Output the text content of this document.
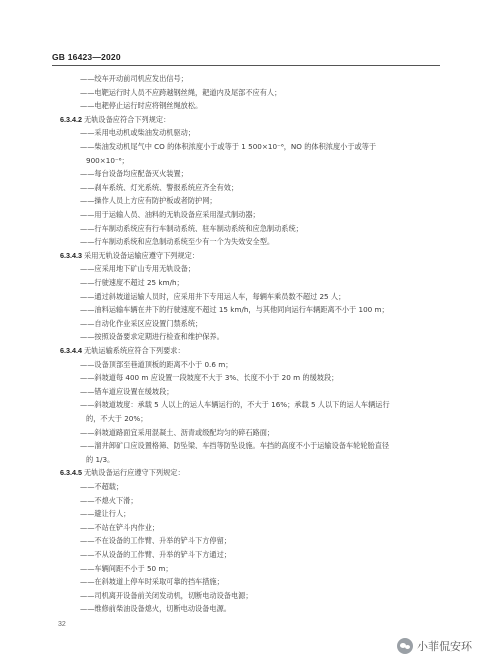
GB 16423—2020
——绞车开动前司机应发出信号；
——电靶运行时人员不应跨越钢丝绳，耙道内及尾部不应有人；
——电耙停止运行时应将钢丝绳放松。
6.3.4.2 无轨设备应符合下列规定：
——采用电动机或柴油发动机驱动；
——柴油发动机尾气中 CO 的体积浓度小于或等于 1 500×10⁻⁶，NO 的体积浓度小于或等于
900×10⁻⁶；
——每台设备均应配备灭火装置；
——刹车系统、灯光系统、警报系统应齐全有效；
——操作人员上方应有防护板或者防护网；
——用于运输人员、油料的无轨设备应采用湿式制动器；
——行车制动系统应有行车制动系统、驻车制动系统和应急制动系统；
——行车制动系统和应急制动系统至少有一个为失效安全型。
6.3.4.3 采用无轨设备运输应遵守下列规定：
——应采用地下矿山专用无轨设备；
——行驶速度不超过 25 km/h；
——通过斜坡道运输人员时，应采用井下专用运人车，每辆车乘员数不超过 25 人；
——油料运输车辆在井下的行驶速度不超过 15 km/h，与其他同向运行车辆距离不小于 100 m；
——自动化作业采区应设置门禁系统；
——按照设备要求定期进行检查和维护保养。
6.3.4.4 无轨运输系统应符合下列要求：
——设备顶部至巷道顶板的距离不小于 0.6 m；
——斜坡道每 400 m 应设置一段坡度不大于 3%、长度不小于 20 m 的缓坡段；
——错车道应设置在缓坡段；
——斜坡道坡度：承载 5 人以上的运人车辆运行的，不大于 16%；承载 5 人以下的运人车辆运行
的，不大于 20%；
——斜坡道路面宜采用混凝土、沥青或级配均匀的碎石路面；
——溜井卸矿口应设置格筛、防坠梁、车挡等防坠设施。车挡的高度不小于运输设备车轮轮胎直径
的 1/3。
6.3.4.5 无轨设备运行应遵守下列规定：
——不超载；
——不熄火下滑；
——避让行人；
——不站在铲斗内作业；
——不在设备的工作臂、升举的铲斗下方停留；
——不从设备的工作臂、升举的铲斗下方通过；
——车辆间距不小于 50 m；
——在斜坡道上停车时采取可靠的挡车措施；
——司机离开设备前关闭发动机，切断电动设备电源；
——维修前柴油设备熄火，切断电动设备电源。
32
小菲侃安环
